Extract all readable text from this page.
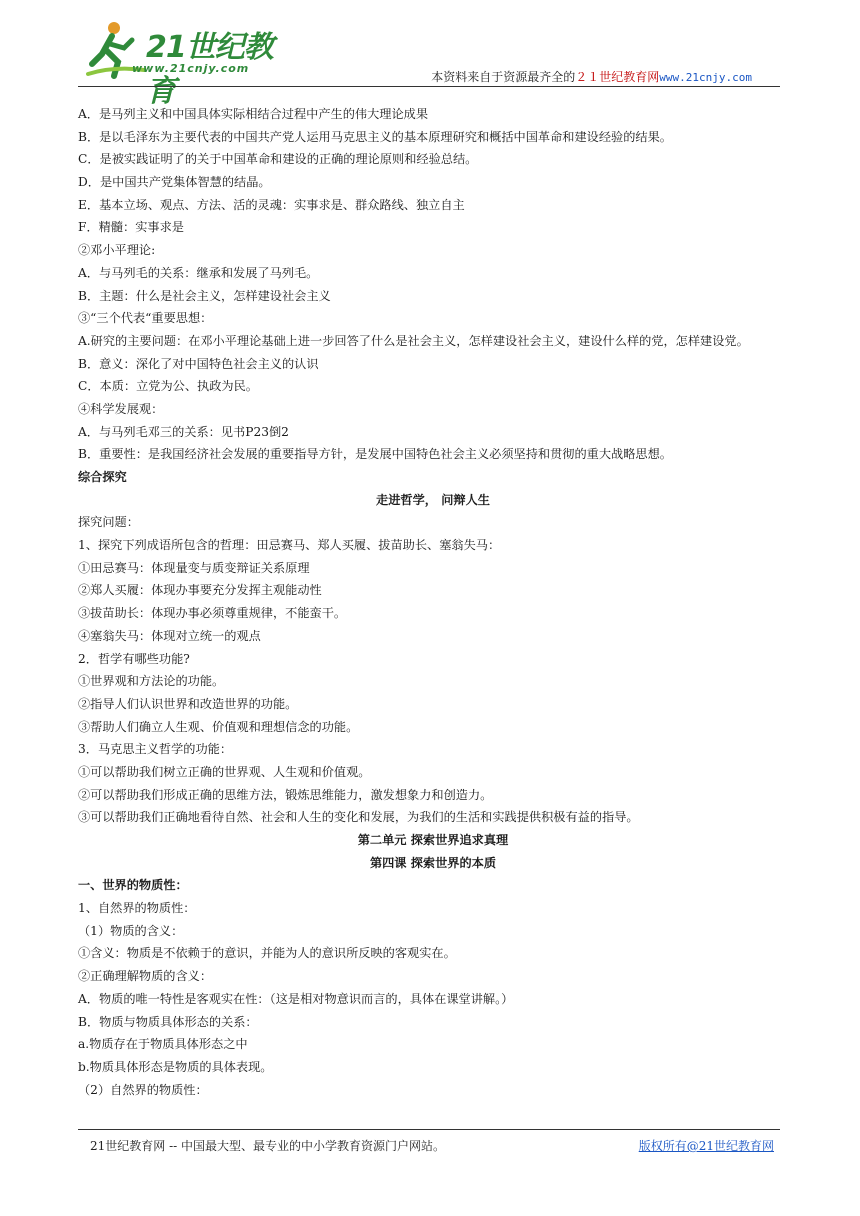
21世纪教育
www.21cnjy.com
本资料来自于资源最齐全的２１世纪教育网www.21cnjy.com
A．是马列主义和中国具体实际相结合过程中产生的伟大理论成果
B．是以毛泽东为主要代表的中国共产党人运用马克思主义的基本原理研究和概括中国革命和建设经验的结果。
C．是被实践证明了的关于中国革命和建设的正确的理论原则和经验总结。
D．是中国共产党集体智慧的结晶。
E．基本立场、观点、方法、活的灵魂：实事求是、群众路线、独立自主
F．精髓：实事求是
②邓小平理论:
A．与马列毛的关系：继承和发展了马列毛。
B．主题：什么是社会主义，怎样建设社会主义
③“三个代表“重要思想：
A.研究的主要问题：在邓小平理论基础上进一步回答了什么是社会主义，怎样建设社会主义，建设什么样的党，怎样建设党。
B．意义：深化了对中国特色社会主义的认识
C．本质：立党为公、执政为民。
④科学发展观：
A．与马列毛邓三的关系：见书P23倒2
B．重要性：是我国经济社会发展的重要指导方针，是发展中国特色社会主义必须坚持和贯彻的重大战略思想。
综合探究
走进哲学， 问辩人生
探究问题：
1、探究下列成语所包含的哲理：田忌赛马、郑人买履、拔苗助长、塞翁失马：
①田忌赛马：体现量变与质变辩证关系原理
②郑人买履：体现办事要充分发挥主观能动性
③拔苗助长：体现办事必须尊重规律，不能蛮干。
④塞翁失马：体现对立统一的观点
2．哲学有哪些功能?
①世界观和方法论的功能。
②指导人们认识世界和改造世界的功能。
③帮助人们确立人生观、价值观和理想信念的功能。
3．马克思主义哲学的功能：
①可以帮助我们树立正确的世界观、人生观和价值观。
②可以帮助我们形成正确的思维方法，锻炼思维能力，激发想象力和创造力。
③可以帮助我们正确地看待自然、社会和人生的变化和发展，为我们的生活和实践提供积极有益的指导。
第二单元 探索世界追求真理
第四课 探索世界的本质
一、世界的物质性：
1、自然界的物质性：
（1）物质的含义：
①含义：物质是不依赖于的意识，并能为人的意识所反映的客观实在。
②正确理解物质的含义：
A．物质的唯一特性是客观实在性：（这是相对物意识而言的，具体在课堂讲解。）
B．物质与物质具体形态的关系：
a.物质存在于物质具体形态之中
b.物质具体形态是物质的具体表现。
（2）自然界的物质性：
21世纪教育网 -- 中国最大型、最专业的中小学教育资源门户网站。	版权所有@21世纪教育网
